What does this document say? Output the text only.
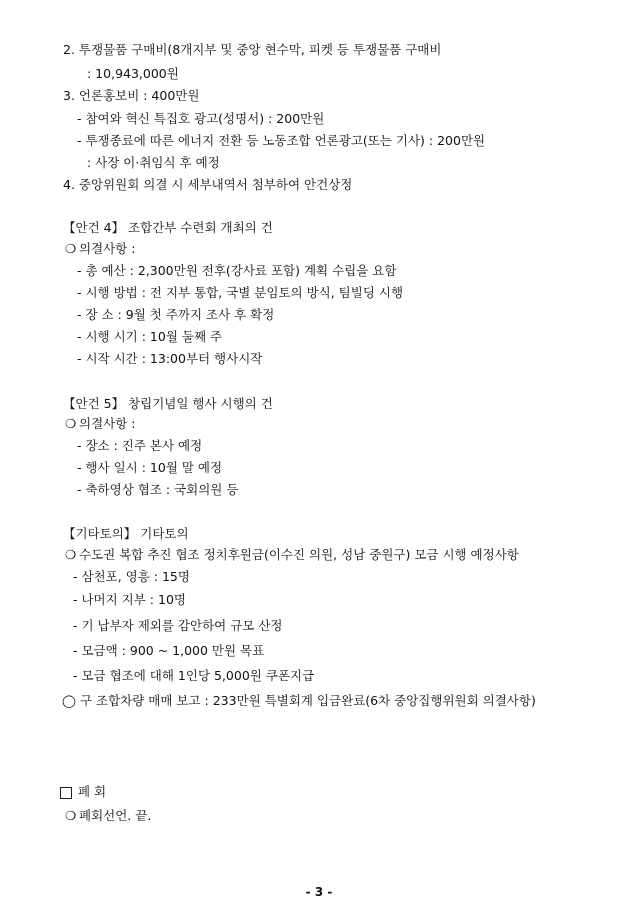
2. 투쟁물품 구매비(8개지부 및 중앙 현수막, 피켓 등 투쟁물품 구매비
: 10,943,000원
3. 언론홍보비 : 400만원
- 참여와 혁신 특집호 광고(성명서) : 200만원
- 투쟁종료에 따른 에너지 전환 등 노동조합 언론광고(또는 기사) : 200만원
: 사장 이·취임식 후 예정
4. 중앙위원회 의결 시 세부내역서 첨부하여 안건상정
【안건 4】 조합간부 수련회 개최의 건
❍ 의결사항 :
- 총 예산 : 2,300만원 전후(강사료 포함) 계획 수립을 요함
- 시행 방법 : 전 지부 통합, 국별 분임토의 방식, 팀빌딩 시행
- 장 소 : 9월 첫 주까지 조사 후 확정
- 시행 시기 : 10월 둘째 주
- 시작 시간 : 13:00부터 행사시작
【안건 5】 창립기념일 행사 시행의 건
❍ 의결사항 :
- 장소 : 진주 본사 예정
- 행사 일시 : 10월 말 예정
- 축하영상 협조 : 국회의원 등
【기타토의】 기타토의
❍ 수도권 복합 추진 협조 정치후원금(이수진 의원, 성남 중원구) 모금 시행 예정사항
- 삼천포, 영흥 : 15명
- 나머지 지부 : 10명
- 기 납부자 제외를 감안하여 규모 산정
- 모금액 : 900 ~ 1,000 만원 목표
- 모금 협조에 대해 1인당 5,000원 쿠폰지급
◯ 구 조합차량 매매 보고 : 233만원 특별회계 입금완료(6차 중앙집행위원회 의결사항)
폐 회
❍ 폐회선언. 끝.
- 3 -
